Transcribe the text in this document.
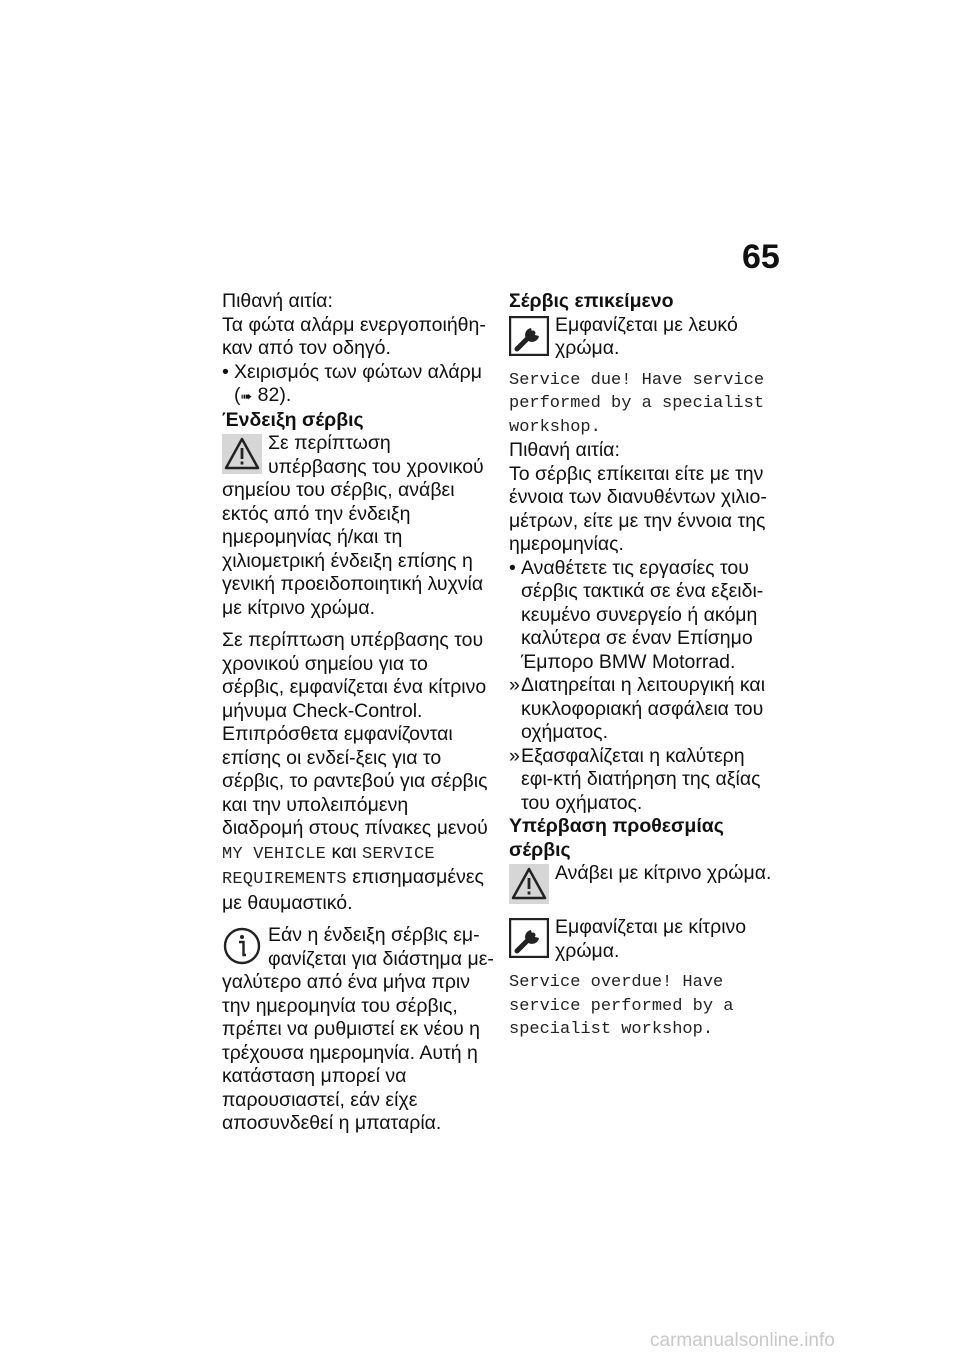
65

Πιθανή αιτία:

Τα φώτα αλάρμ ενεργοποιήθη-καν από τον οδηγό.

• Χειρισμός των φώτων αλάρμ
(➠ 82).

Ένδειξη σέρβις

Σε περίπτωση υπέρβασης του χρονικού σημείου του σέρβις, ανάβει εκτός από την ένδειξη ημερομηνίας ή/και τη χιλιομετρική ένδειξη επίσης η γενική προειδοποιητική λυχνία με κίτρινο χρώμα.

Σε περίπτωση υπέρβασης του χρονικού σημείου για το σέρβις, εμφανίζεται ένα κίτρινο μήνυμα Check-Control. Επιπρόσθετα εμφανίζονται επίσης οι ενδεί-ξεις για το σέρβις, το ραντεβού για σέρβις και την υπολειπόμενη διαδρομή στους πίνακες μενού MY VEHICLE και SERVICE REQUIREMENTS επισημασμένες με θαυμαστικό.

Εάν η ένδειξη σέρβις εμ-φανίζεται για διάστημα με-γαλύτερο από ένα μήνα πριν την ημερομηνία του σέρβις, πρέπει να ρυθμιστεί εκ νέου η τρέχουσα ημερομηνία. Αυτή η κατάσταση μπορεί να παρουσιαστεί, εάν είχε αποσυνδεθεί η μπαταρία.

Σέρβις επικείμενο

Εμφανίζεται με λευκό χρώμα.

Service due! Have service performed by a specialist workshop.

Πιθανή αιτία:

Το σέρβις επίκειται είτε με την έννοια των διανυθέντων χιλιο-μέτρων, είτε με την έννοια της ημερομηνίας.

• Αναθέτετε τις εργασίες του σέρβις τακτικά σε ένα εξειδι-κευμένο συνεργείο ή ακόμη καλύτερα σε έναν Επίσημο Έμπορο BMW Motorrad.

» Διατηρείται η λειτουργική και κυκλοφοριακή ασφάλεια του οχήματος.

» Εξασφαλίζεται η καλύτερη εφι-κτή διατήρηση της αξίας του οχήματος.

Υπέρβαση προθεσμίας σέρβις

Ανάβει με κίτρινο χρώμα.

Εμφανίζεται με κίτρινο χρώμα.

Service overdue! Have service performed by a specialist workshop.

carmanualsonline.info
